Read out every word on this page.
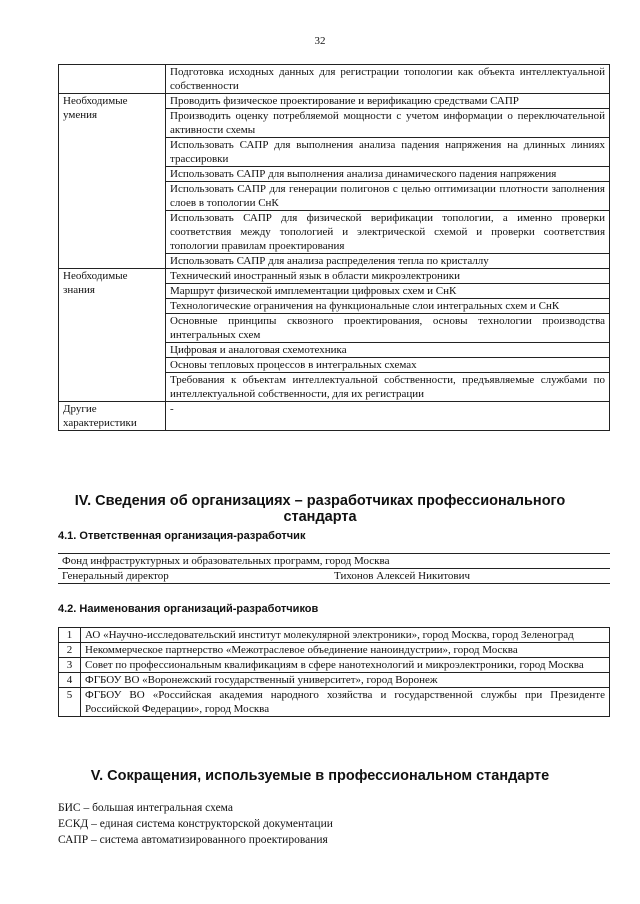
32
	Подготовка исходных данных для регистрации топологии как объекта интеллектуальной собственности
Необходимые умения	Проводить физическое проектирование и верификацию средствами САПР
	Производить оценку потребляемой мощности с учетом информации о переключательной активности схемы
	Использовать САПР для выполнения анализа падения напряжения на длинных линиях трассировки
	Использовать САПР для выполнения анализа динамического падения напряжения
	Использовать САПР для генерации полигонов с целью оптимизации плотности заполнения слоев в топологии СнК
	Использовать САПР для физической верификации топологии, а именно проверки соответствия между топологией и электрической схемой и проверки соответствия топологии правилам проектирования
	Использовать САПР для анализа распределения тепла по кристаллу
Необходимые знания	Технический иностранный язык в области микроэлектроники
	Маршрут физической имплементации цифровых схем и СнК
	Технологические ограничения на функциональные слои интегральных схем и СнК
	Основные принципы сквозного проектирования, основы технологии производства интегральных схем
	Цифровая и аналоговая схемотехника
	Основы тепловых процессов в интегральных схемах
	Требования к объектам интеллектуальной собственности, предъявляемые службами по интеллектуальной собственности, для их регистрации
Другие характеристики	-
IV. Сведения об организациях – разработчиках профессионального стандарта
4.1. Ответственная организация-разработчик
Фонд инфраструктурных и образовательных программ, город Москва
Генеральный директор	Тихонов Алексей Никитович
4.2. Наименования организаций-разработчиков
1	АО «Научно-исследовательский институт молекулярной электроники», город Москва, город Зеленоград
2	Некоммерческое партнерство «Межотраслевое объединение наноиндустрии», город Москва
3	Совет по профессиональным квалификациям в сфере нанотехнологий и микроэлектроники, город Москва
4	ФГБОУ ВО «Воронежский государственный университет», город Воронеж
5	ФГБОУ ВО «Российская академия народного хозяйства и государственной службы при Президенте Российской Федерации», город Москва
V. Сокращения, используемые в профессиональном стандарте
БИС – большая интегральная схема
ЕСКД – единая система конструкторской документации
САПР – система автоматизированного проектирования
